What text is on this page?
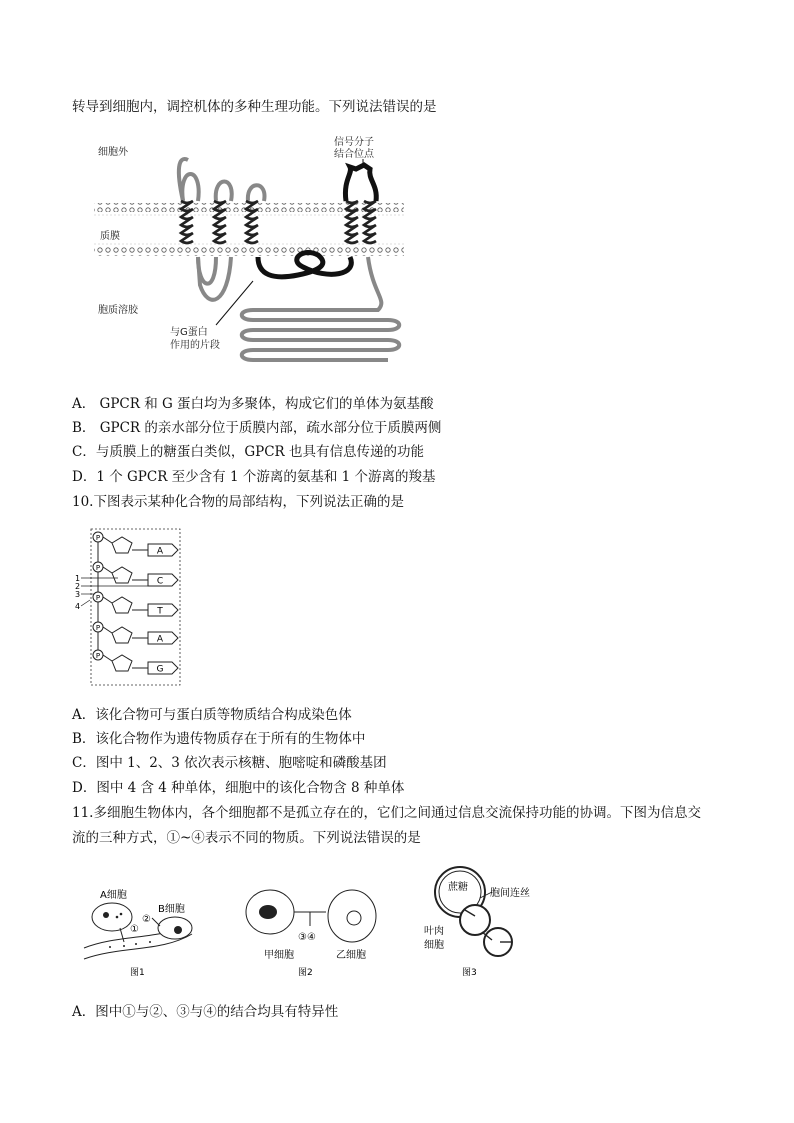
转导到细胞内，调控机体的多种生理功能。下列说法错误的是
细胞外
信号分子
结合位点
质膜
胞质溶胶
与G蛋白
作用的片段
A． GPCR 和 G 蛋白均为多聚体，构成它们的单体为氨基酸
B． GPCR 的亲水部分位于质膜内部，疏水部分位于质膜两侧
C．与质膜上的糖蛋白类似，GPCR 也具有信息传递的功能
D．1 个 GPCR 至少含有 1 个游离的氨基和 1 个游离的羧基
10.下图表示某种化合物的局部结构，下列说法正确的是
P
A
P
C
P
T
P
A
P
G
1
2
3
4
A．该化合物可与蛋白质等物质结合构成染色体
B．该化合物作为遗传物质存在于所有的生物体中
C．图中 1、2、3 依次表示核糖、胞嘧啶和磷酸基团
D．图中 4 含 4 种单体，细胞中的该化合物含 8 种单体
11.多细胞生物体内，各个细胞都不是孤立存在的，它们之间通过信息交流保持功能的协调。下图为信息交
流的三种方式，①~④表示不同的物质。下列说法错误的是
A细胞
B细胞
①
②
图1
③④
甲细胞	乙细胞
图2
蔗糖
胞间连丝
叶肉
细胞
图3
A．图中①与②、③与④的结合均具有特异性
